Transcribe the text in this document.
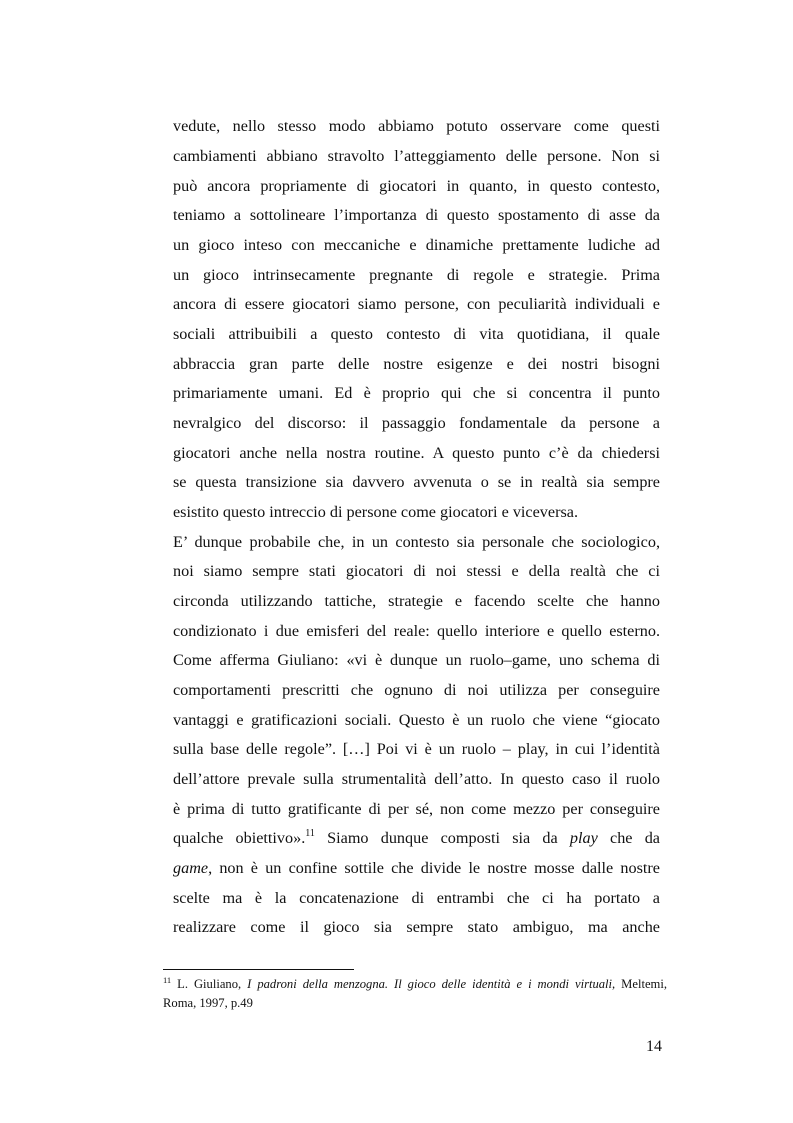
vedute, nello stesso modo abbiamo potuto osservare come questi
cambiamenti abbiano stravolto l’atteggiamento delle persone. Non si
può ancora propriamente di giocatori in quanto, in questo contesto,
teniamo a sottolineare l’importanza di questo spostamento di asse da
un gioco inteso con meccaniche e dinamiche prettamente ludiche ad
un gioco intrinsecamente pregnante di regole e strategie. Prima
ancora di essere giocatori siamo persone, con peculiarità individuali e
sociali attribuibili a questo contesto di vita quotidiana, il quale
abbraccia gran parte delle nostre esigenze e dei nostri bisogni
primariamente umani. Ed è proprio qui che si concentra il punto
nevralgico del discorso: il passaggio fondamentale da persone a
giocatori anche nella nostra routine. A questo punto c’è da chiedersi
se questa transizione sia davvero avvenuta o se in realtà sia sempre
esistito questo intreccio di persone come giocatori e viceversa.
E’ dunque probabile che, in un contesto sia personale che sociologico,
noi siamo sempre stati giocatori di noi stessi e della realtà che ci
circonda utilizzando tattiche, strategie e facendo scelte che hanno
condizionato i due emisferi del reale: quello interiore e quello esterno.
Come afferma Giuliano: «vi è dunque un ruolo–game, uno schema di
comportamenti prescritti che ognuno di noi utilizza per conseguire
vantaggi e gratificazioni sociali. Questo è un ruolo che viene “giocato
sulla base delle regole”. […] Poi vi è un ruolo – play, in cui l’identità
dell’attore prevale sulla strumentalità dell’atto. In questo caso il ruolo
è prima di tutto gratificante di per sé, non come mezzo per conseguire
qualche obiettivo».$^{11}$ Siamo dunque composti sia da play che da
game, non è un confine sottile che divide le nostre mosse dalle nostre
scelte ma è la concatenazione di entrambi che ci ha portato a
realizzare come il gioco sia sempre stato ambiguo, ma anche
$^{11}$ L. Giuliano, I padroni della menzogna. Il gioco delle identità e i mondi virtuali, Meltemi,
Roma, 1997, p.49
14
